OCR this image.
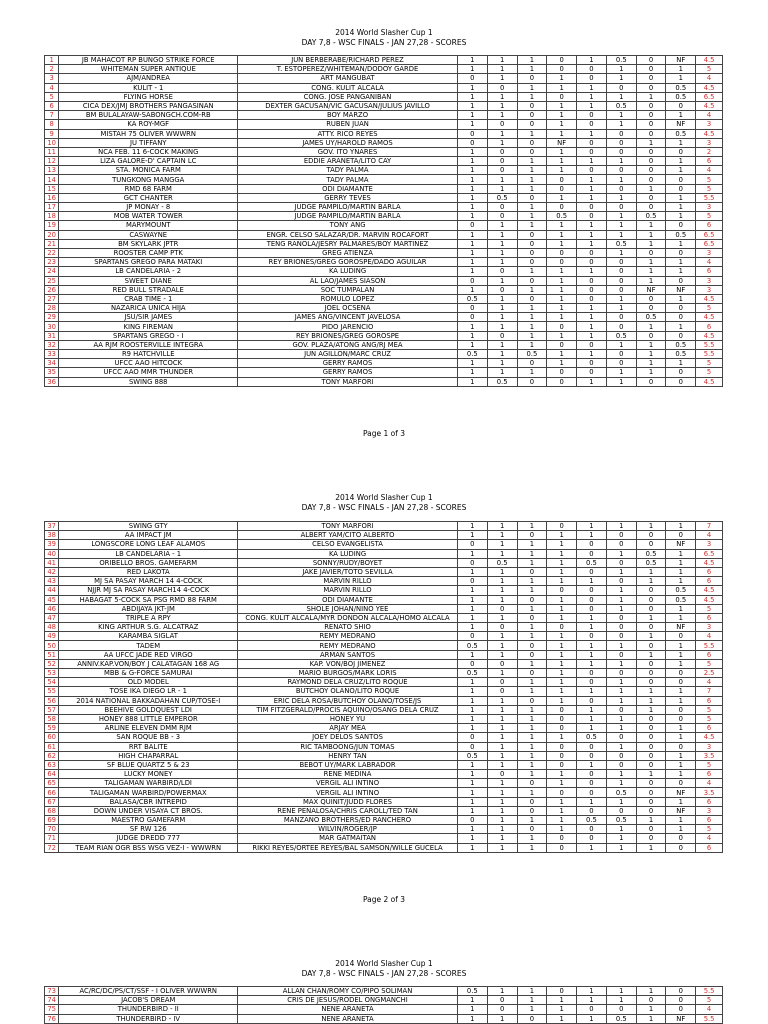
2014 World Slasher Cup 1
DAY 7,8 - WSC FINALS - JAN 27,28 - SCORES
1	JB MAHACOT RP BUNGO STRIKE FORCE	JUN BERBERABE/RICHARD PEREZ	1	1	1	0	1	0.5	0	NF	4.5
2	WHITEMAN SUPER ANTIQUE	T. ESTOPEREZ/WHITEMAN/DODOY GARDE	1	1	1	0	0	1	0	1	5
3	AJM/ANDREA	ART MANGUBAT	0	1	0	1	0	1	0	1	4
4	KULIT - 1	CONG. KULIT ALCALA	1	0	1	1	1	0	0	0.5	4.5
5	FLYING HORSE	CONG. JOSE PANGANIBAN	1	1	1	0	1	1	1	0.5	6.5
6	CICA DEX/JMJ BROTHERS PANGASINAN	DEXTER GACUSAN/VIC GACUSAN/JULIUS JAVILLO	1	1	0	1	1	0.5	0	0	4.5
7	BM BULALAYAW-SABONGCH.COM-RB	BOY MARZO	1	1	0	1	0	1	0	1	4
8	KA ROY-MGF	RUBEN JUAN	1	0	0	1	0	1	0	NF	3
9	MISTAH 75 OLIVER WWWRN	ATTY. RICO REYES	0	1	1	1	1	0	0	0.5	4.5
10	JU TIFFANY	JAMES UY/HAROLD RAMOS	0	1	0	NF	0	0	1	1	3
11	NCA FEB. 11 6-COCK MAKING	GOV. ITO YNARES	1	0	0	1	0	0	0	0	2
12	LIZA GALORE-D' CAPTAIN LC	EDDIE ARANETA/LITO CAY	1	0	1	1	1	1	0	1	6
13	STA. MONICA FARM	TADY PALMA	1	0	1	1	0	0	0	1	4
14	TUNGKONG MANGGA	TADY PALMA	1	1	1	0	1	1	0	0	5
15	RMD 68 FARM	ODI DIAMANTE	1	1	1	0	1	0	1	0	5
16	GCT CHANTER	GERRY TEVES	1	0.5	0	1	1	1	0	1	5.5
17	JP MONAY - 8	JUDGE PAMPILO/MARTIN BARLA	1	0	1	0	0	0	0	1	3
18	MOB WATER TOWER	JUDGE PAMPILO/MARTIN BARLA	1	0	1	0.5	0	1	0.5	1	5
19	MARYMOUNT	TONY ANG	0	1	1	1	1	1	1	0	6
20	CASWAYNE	ENGR. CELSO SALAZAR/DR. MARVIN ROCAFORT	1	1	0	1	1	1	1	0.5	6.5
21	BM SKYLARK JPTR	TENG RANOLA/JESRY PALMARES/BOY MARTINEZ	1	1	0	1	1	0.5	1	1	6.5
22	ROOSTER CAMP PTK	GREG ATIENZA	1	1	0	0	0	1	0	0	3
23	SPARTANS GREGO PARA MATAKI	REY BRIONES/GREG GOROSPE/DADO AGUILAR	1	1	0	0	0	0	1	1	4
24	LB CANDELARIA - 2	KA LUDING	1	0	1	1	1	0	1	1	6
25	SWEET DIANE	AL LAO/JAMES SIASON	0	1	0	1	0	0	1	0	3
26	RED BULL STRADALE	SOC TUMPALAN	1	0	1	1	0	0	NF	NF	3
27	CRAB TIME - 1	ROMULO LOPEZ	0.5	1	0	1	0	1	0	1	4.5
28	NAZARICA UNICA HIJA	JOEL OCSENA	0	1	1	1	1	1	0	0	5
29	JSU/SIR JAMES	JAMES ANG/VINCENT JAVELOSA	0	1	1	1	1	0	0.5	0	4.5
30	KING FIREMAN	PIDO JARENCIO	1	1	1	0	1	0	1	1	6
31	SPARTANS GREGO - I	REY BRIONES/GREG GOROSPE	1	0	1	1	1	0.5	0	0	4.5
32	AA RJM ROOSTERVILLE INTEGRA	GOV. PLAZA/ATONG ANG/RJ MEA	1	1	1	0	0	1	1	0.5	5.5
33	R9 HATCHVILLE	JUN AGILLON/MARC CRUZ	0.5	1	0.5	1	1	0	1	0.5	5.5
34	UFCC AAO HITCOCK	GERRY RAMOS	1	1	0	1	0	0	1	1	5
35	UFCC AAO MMR THUNDER	GERRY RAMOS	1	1	1	0	0	1	1	0	5
36	SWING 888	TONY MARFORI	1	0.5	0	0	1	1	0	0	4.5
Page 1 of 3
2014 World Slasher Cup 1
DAY 7,8 - WSC FINALS - JAN 27,28 - SCORES
37	SWING GTY	TONY MARFORI	1	1	1	0	1	1	1	1	7
38	AA IMPACT JM	ALBERT YAM/CITO ALBERTO	1	1	0	1	1	0	0	0	4
39	LONGSCORE LONG LEAF ALAMOS	CELSO EVANGELISTA	0	1	1	1	0	0	0	NF	3
40	LB CANDELARIA - 1	KA LUDING	1	1	1	1	0	1	0.5	1	6.5
41	ORIBELLO BROS. GAMEFARM	SONNY/RUDY/BOYET	0	0.5	1	1	0.5	0	0.5	1	4.5
42	RED LAKOTA	JAKE JAVIER/TOTO SEVILLA	1	1	0	1	0	1	1	1	6
43	MJ SA PASAY MARCH 14 4-COCK	MARVIN RILLO	0	1	1	1	1	0	1	1	6
44	NJJR MJ SA PASAY MARCH14 4-COCK	MARVIN RILLO	1	1	1	0	0	1	0	0.5	4.5
45	HABAGAT 5-COCK SA PSG RMD 88 FARM	ODI DIAMANTE	1	1	0	1	0	1	0	0.5	4.5
46	ABDIJAYA JKT-JM	SHOLE JOHAN/NINO YEE	1	0	1	1	0	1	0	1	5
47	TRIPLE A RPY	CONG. KULIT ALCALA/MYR DONDON ALCALA/HOMO ALCALA	1	1	0	1	1	0	1	1	6
48	KING ARTHUR S.G. ALCATRAZ	RENATO SHIO	1	0	1	0	1	0	0	NF	3
49	KARAMBA SIGLAT	REMY MEDRANO	0	1	1	1	0	0	1	0	4
50	TADEM	REMY MEDRANO	0.5	1	0	1	1	1	0	1	5.5
51	AA UFCC JADE RED VIRGO	ARMAN SANTOS	1	1	0	1	1	0	1	1	6
52	ANNIV.KAP.VON/BOY J CALATAGAN 168 AG	KAP. VON/BOJ JIMENEZ	0	0	1	1	1	1	0	1	5
53	MBB & G-FORCE SAMURAI	MARIO BURGOS/MARK LORIS	0.5	1	0	1	0	0	0	0	2.5
54	OLD MODEL	RAYMOND DELA CRUZ/LITO ROQUE	1	0	1	1	0	1	0	0	4
55	TOSE IKA DIEGO LR - 1	BUTCHOY OLANO/LITO ROQUE	1	0	1	1	1	1	1	1	7
56	2014 NATIONAL BAKKADAHAN CUP/TOSE-I	ERIC DELA ROSA/BUTCHOY OLANO/TOSE/JS	1	1	0	1	0	1	1	1	6
57	BEEHIVE GOLDQUEST LDI	TIM FITZGERALD/PROCIS AQUINO/OSANG DELA CRUZ	1	1	1	0	1	0	1	0	5
58	HONEY 888 LITTLE EMPEROR	HONEY YU	1	1	1	0	1	1	0	0	5
59	ARLINE ELEVEN DMM RJM	ARJAY MEA	1	1	1	0	1	1	0	1	6
60	SAN ROQUE BB - 3	JOEY DELOS SANTOS	0	1	1	1	0.5	0	0	1	4.5
61	RRT BALITE	RIC TAMBOONG/JUN TOMAS	0	1	1	0	0	1	0	0	3
62	HIGH CHAPARRAL	HENRY TAN	0.5	1	1	0	0	0	0	1	3.5
63	SF BLUE QUARTZ 5 & 23	BEBOT UY/MARK LABRADOR	1	1	1	0	1	0	0	1	5
64	LUCKY MONEY	RENE MEDINA	1	0	1	1	0	1	1	1	6
65	TALIGAMAN WARBIRD/LDI	VERGIL ALI INTINO	1	1	0	1	0	1	0	0	4
66	TALIGAMAN WARBIRD/POWERMAX	VERGIL ALI INTINO	1	1	1	0	0	0.5	0	NF	3.5
67	BALASA/CBR INTREPID	MAX QUINIT/JUDD FLORES	1	1	0	1	1	1	0	1	6
68	DOWN UNDER VISAYA CT BROS.	RENE PENALOSA/CHRIS CAROLL/TED TAN	1	1	0	1	0	0	0	NF	3
69	MAESTRO GAMEFARM	MANZANO BROTHERS/ED RANCHERO	0	1	1	1	0.5	0.5	1	1	6
70	SF RW 126	WILVIN/ROGER/JP	1	1	0	1	0	1	0	1	5
71	JUDGE DREDD 777	MAR GATMAITAN	1	1	1	0	0	1	0	0	4
72	TEAM RIAN OGR BSS WSG VEZ-I - WWWRN	RIKKI REYES/ORTEE REYES/BAL SAMSON/WILLE GUCELA	1	1	1	0	1	1	1	0	6
Page 2 of 3
2014 World Slasher Cup 1
DAY 7,8 - WSC FINALS - JAN 27,28 - SCORES
73	AC/RC/DC/PS/CT/SSF - I OLIVER WWWRN	ALLAN CHAN/ROMY CO/PIPO SOLIMAN	0.5	1	1	0	1	1	1	0	5.5
74	JACOB'S DREAM	CRIS DE JESUS/RODEL ONGMANCHI	1	0	1	1	1	1	0	0	5
75	THUNDERBIRD - II	NENE ARANETA	1	0	1	1	0	0	1	0	4
76	THUNDERBIRD - IV	NENE ARANETA	1	1	0	1	1	0.5	1	NF	5.5
